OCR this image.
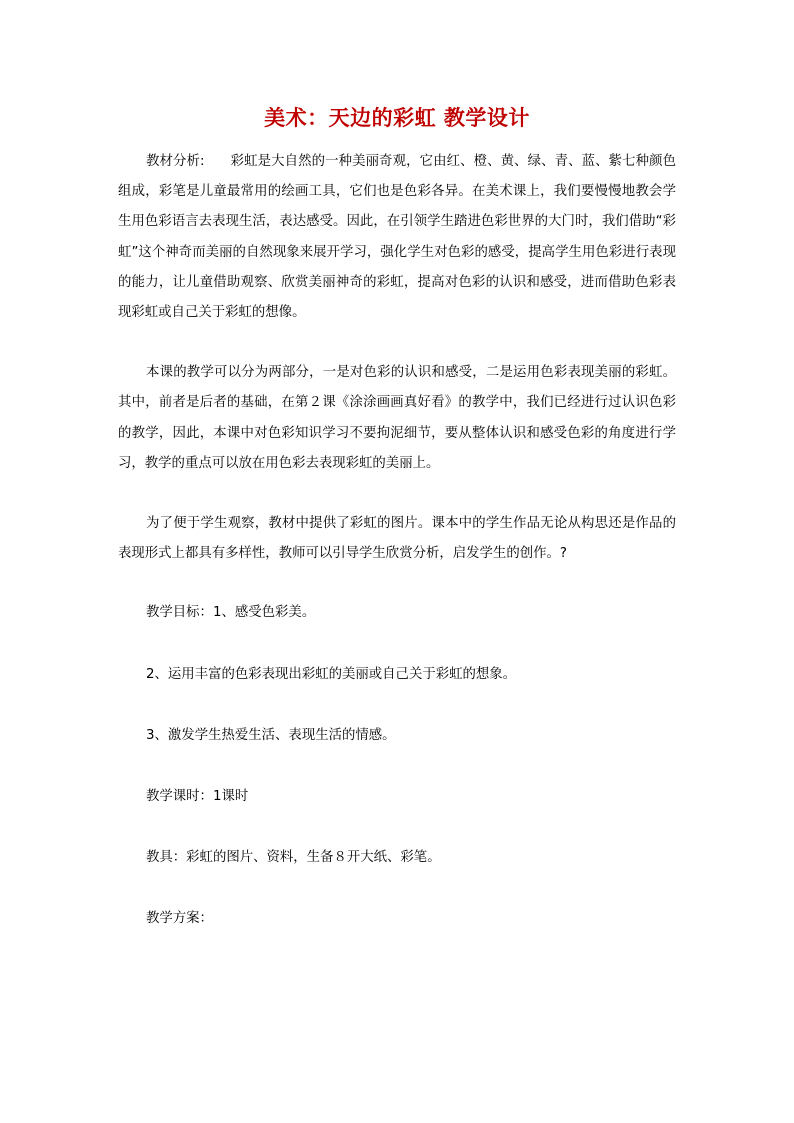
美术：天边的彩虹 教学设计

教材分析:      彩虹是大自然的一种美丽奇观，它由红、橙、黄、绿、青、蓝、紫七种颜色组成，彩笔是儿童最常用的绘画工具，它们也是色彩各异。在美术课上，我们要慢慢地教会学生用色彩语言去表现生活，表达感受。因此，在引领学生踏进色彩世界的大门时，我们借助“彩虹”这个神奇而美丽的自然现象来展开学习，强化学生对色彩的感受，提高学生用色彩进行表现的能力，让儿童借助观察、欣赏美丽神奇的彩虹，提高对色彩的认识和感受，进而借助色彩表现彩虹或自己关于彩虹的想像。

本课的教学可以分为两部分，一是对色彩的认识和感受，二是运用色彩表现美丽的彩虹。其中，前者是后者的基础，在第２课《涂涂画画真好看》的教学中，我们已经进行过认识色彩的教学，因此，本课中对色彩知识学习不要拘泥细节，要从整体认识和感受色彩的角度进行学习，教学的重点可以放在用色彩去表现彩虹的美丽上。

为了便于学生观察，教材中提供了彩虹的图片。课本中的学生作品无论从构思还是作品的表现形式上都具有多样性，教师可以引导学生欣赏分析，启发学生的创作。?

教学目标：1、感受色彩美。

2、运用丰富的色彩表现出彩虹的美丽或自己关于彩虹的想象。

3、激发学生热爱生活、表现生活的情感。

教学课时：1课时

教具：彩虹的图片、资料，生备８开大纸、彩笔。

教学方案：
